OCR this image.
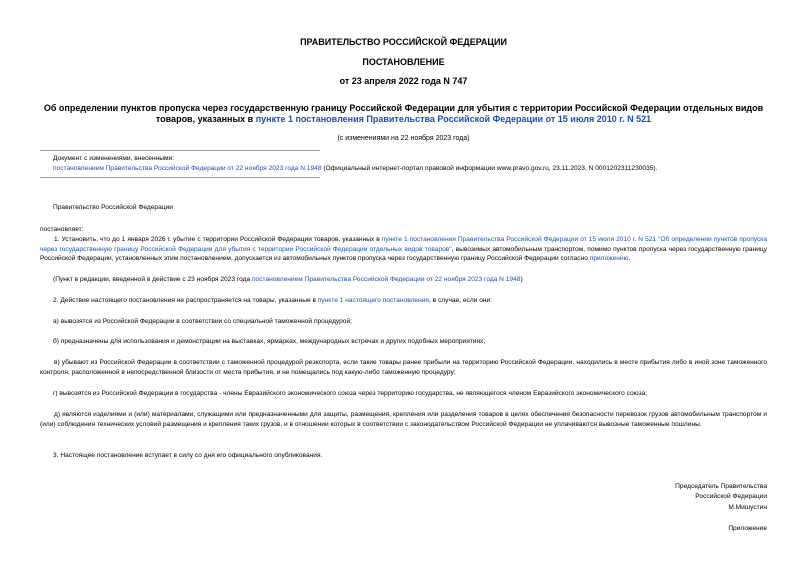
ПРАВИТЕЛЬСТВО РОССИЙСКОЙ ФЕДЕРАЦИИ
ПОСТАНОВЛЕНИЕ
от 23 апреля 2022 года N 747
Об определении пунктов пропуска через государственную границу Российской Федерации для убытия с территории Российской Федерации отдельных видов товаров, указанных в пункте 1 постановления Правительства Российской Федерации от 15 июля 2010 г. N 521
(с изменениями на 22 ноября 2023 года)
Документ с изменениями, внесенными:
постановлением Правительства Российской Федерации от 22 ноября 2023 года N 1948 (Официальный интернет-портал правовой информации www.pravo.gov.ru, 23.11.2023, N 0001202311230035).
Правительство Российской Федерации
постановляет:
1. Установить, что до 1 января 2026 г. убытие с территории Российской Федерации товаров, указанных в пункте 1 постановления Правительства Российской Федерации от 15 июля 2010 г. N 521 "Об определении пунктов пропуска через государственную границу Российской Федерации для убытия с территории Российской Федерации отдельных видов товаров", вывозимых автомобильным транспортом, помимо пунктов пропуска через государственную границу Российской Федерации, установленных этим постановлением, допускается из автомобильных пунктов пропуска через государственную границу Российской Федерации согласно приложению.
(Пункт в редакции, введенной в действие с 23 ноября 2023 года постановлением Правительства Российской Федерации от 22 ноября 2023 года N 1948)
2. Действие настоящего постановления не распространяется на товары, указанные в пункте 1 настоящего постановления, в случае, если они:
а) вывозятся из Российской Федерации в соответствии со специальной таможенной процедурой;
б) предназначены для использования и демонстрации на выставках, ярмарках, международных встречах и других подобных мероприятиях;
в) убывают из Российской Федерации в соответствии с таможенной процедурой реэкспорта, если такие товары ранее прибыли на территорию Российской Федерации, находились в месте прибытия либо в иной зоне таможенного контроля, расположенной в непосредственной близости от места прибытия, и не помещались под какую-либо таможенную процедуру;
г) вывозятся из Российской Федерации в государства - члены Евразийского экономического союза через территорию государства, не являющегося членом Евразийского экономического союза;
д) являются изделиями и (или) материалами, служащими или предназначенными для защиты, размещения, крепления или разделения товаров в целях обеспечения безопасности перевозок грузов автомобильным транспортом и (или) соблюдения технических условий размещения и крепления таких грузов, и в отношении которых в соответствии с законодательством Российской Федерации не уплачиваются вывозные таможенные пошлины.
3. Настоящее постановление вступает в силу со дня его официального опубликования.
Председатель Правительства
Российской Федерации
М.Мишустин
Приложение
